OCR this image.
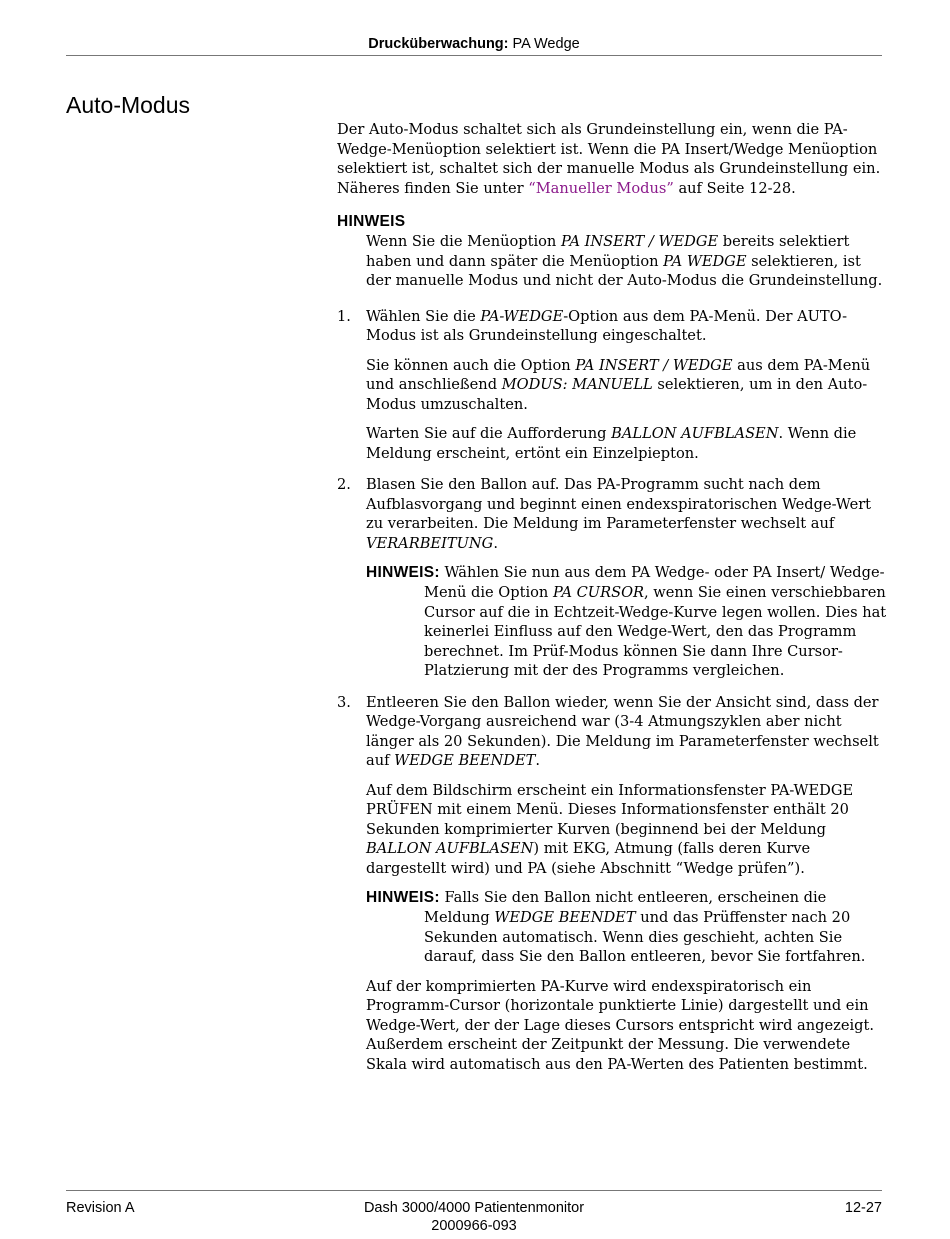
Drucküberwachung: PA Wedge
Auto-Modus

Der Auto-Modus schaltet sich als Grundeinstellung ein, wenn die PA-Wedge-Menüoption selektiert ist. Wenn die PA Insert/Wedge Menüoption selektiert ist, schaltet sich der manuelle Modus als Grundeinstellung ein. Näheres finden Sie unter “Manueller Modus” auf Seite 12-28.

HINWEIS
Wenn Sie die Menüoption PA INSERT / WEDGE bereits selektiert haben und dann später die Menüoption PA WEDGE selektieren, ist der manuelle Modus und nicht der Auto-Modus die Grundeinstellung.
1. Wählen Sie die PA-WEDGE-Option aus dem PA-Menü. Der AUTO-Modus ist als Grundeinstellung eingeschaltet.

Sie können auch die Option PA INSERT / WEDGE aus dem PA-Menü und anschließend MODUS: MANUELL selektieren, um in den Auto-Modus umzuschalten.

Warten Sie auf die Aufforderung BALLON AUFBLASEN. Wenn die Meldung erscheint, ertönt ein Einzelpiepton.

2. Blasen Sie den Ballon auf. Das PA-Programm sucht nach dem Aufblasvorgang und beginnt einen endexspiratorischen Wedge-Wert zu verarbeiten. Die Meldung im Parameterfenster wechselt auf VERARBEITUNG.

HINWEIS: Wählen Sie nun aus dem PA Wedge- oder PA Insert/ Wedge-Menü die Option PA CURSOR, wenn Sie einen verschiebbaren Cursor auf die in Echtzeit-Wedge-Kurve legen wollen. Dies hat keinerlei Einfluss auf den Wedge-Wert, den das Programm berechnet. Im Prüf-Modus können Sie dann Ihre Cursor-Platzierung mit der des Programms vergleichen.

3. Entleeren Sie den Ballon wieder, wenn Sie der Ansicht sind, dass der Wedge-Vorgang ausreichend war (3-4 Atmungszyklen aber nicht länger als 20 Sekunden). Die Meldung im Parameterfenster wechselt auf WEDGE BEENDET.

Auf dem Bildschirm erscheint ein Informationsfenster PA-WEDGE PRÜFEN mit einem Menü. Dieses Informationsfenster enthält 20 Sekunden komprimierter Kurven (beginnend bei der Meldung BALLON AUFBLASEN) mit EKG, Atmung (falls deren Kurve dargestellt wird) und PA (siehe Abschnitt “Wedge prüfen”).

HINWEIS: Falls Sie den Ballon nicht entleeren, erscheinen die Meldung WEDGE BEENDET und das Prüffenster nach 20 Sekunden automatisch. Wenn dies geschieht, achten Sie darauf, dass Sie den Ballon entleeren, bevor Sie fortfahren.

Auf der komprimierten PA-Kurve wird endexspiratorisch ein Programm-Cursor (horizontale punktierte Linie) dargestellt und ein Wedge-Wert, der der Lage dieses Cursors entspricht wird angezeigt. Außerdem erscheint der Zeitpunkt der Messung. Die verwendete Skala wird automatisch aus den PA-Werten des Patienten bestimmt.

Revision A	Dash 3000/4000 Patientenmonitor
2000966-093
12-27
